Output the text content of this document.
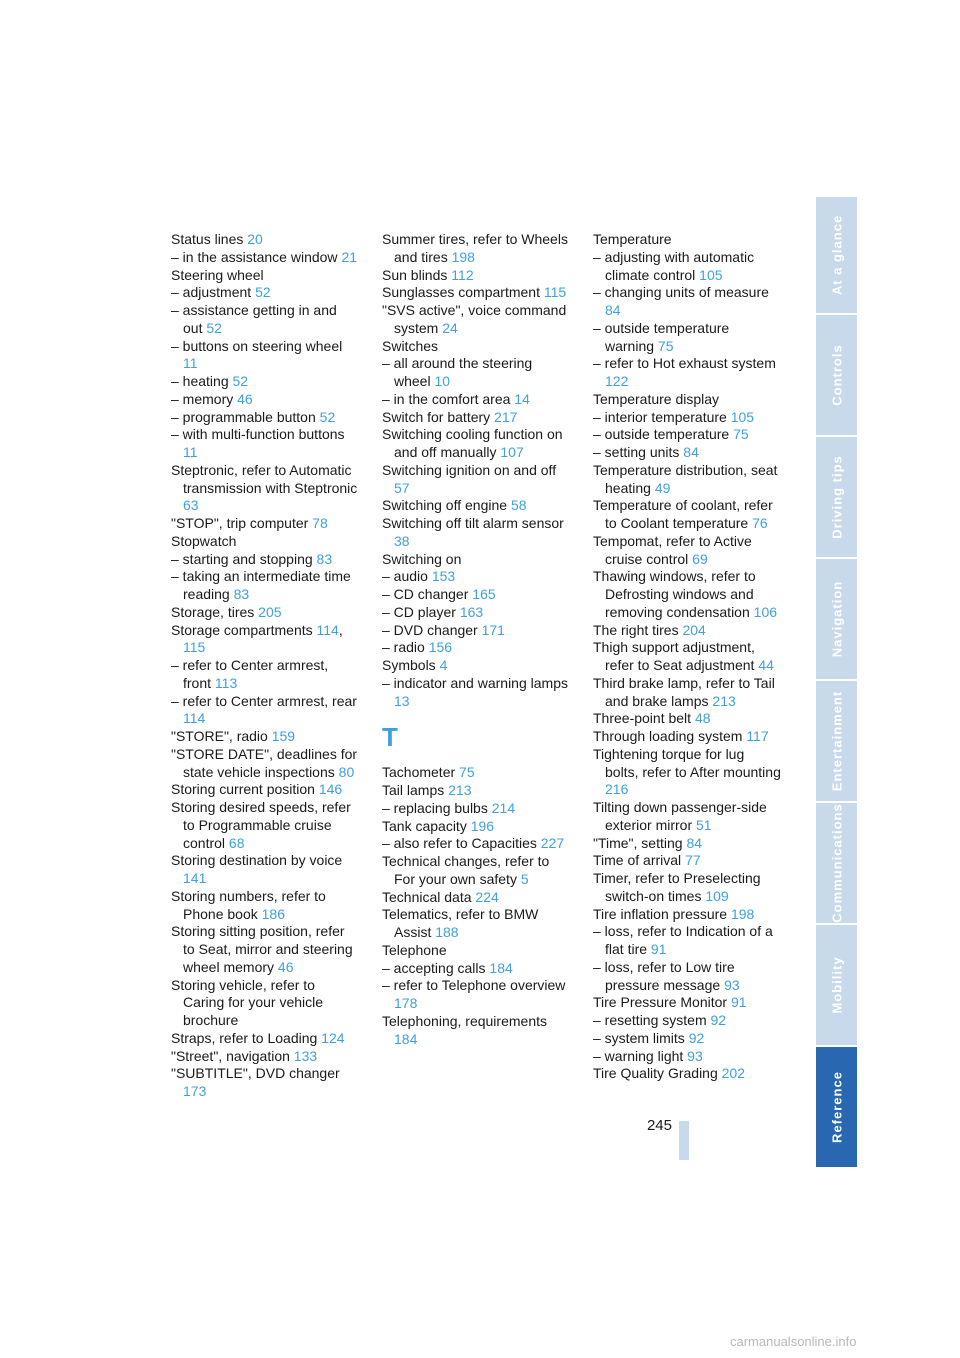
Status lines 20
– in the assistance window 21
Steering wheel
– adjustment 52
– assistance getting in and out 52
– buttons on steering wheel 11
– heating 52
– memory 46
– programmable button 52
– with multi-function buttons 11
Steptronic, refer to Automatic transmission with Steptronic 63
"STOP", trip computer 78
Stopwatch
– starting and stopping 83
– taking an intermediate time reading 83
Storage, tires 205
Storage compartments 114, 115
– refer to Center armrest, front 113
– refer to Center armrest, rear 114
"STORE", radio 159
"STORE DATE", deadlines for state vehicle inspections 80
Storing current position 146
Storing desired speeds, refer to Programmable cruise control 68
Storing destination by voice 141
Storing numbers, refer to Phone book 186
Storing sitting position, refer to Seat, mirror and steering wheel memory 46
Storing vehicle, refer to Caring for your vehicle brochure
Straps, refer to Loading 124
"Street", navigation 133
"SUBTITLE", DVD changer 173
Summer tires, refer to Wheels and tires 198
Sun blinds 112
Sunglasses compartment 115
"SVS active", voice command system 24
Switches
– all around the steering wheel 10
– in the comfort area 14
Switch for battery 217
Switching cooling function on and off manually 107
Switching ignition on and off 57
Switching off engine 58
Switching off tilt alarm sensor 38
Switching on
– audio 153
– CD changer 165
– CD player 163
– DVD changer 171
– radio 156
Symbols 4
– indicator and warning lamps 13
T
Tachometer 75
Tail lamps 213
– replacing bulbs 214
Tank capacity 196
– also refer to Capacities 227
Technical changes, refer to For your own safety 5
Technical data 224
Telematics, refer to BMW Assist 188
Telephone
– accepting calls 184
– refer to Telephone overview 178
Telephoning, requirements 184
Temperature
– adjusting with automatic climate control 105
– changing units of measure 84
– outside temperature warning 75
– refer to Hot exhaust system 122
Temperature display
– interior temperature 105
– outside temperature 75
– setting units 84
Temperature distribution, seat heating 49
Temperature of coolant, refer to Coolant temperature 76
Tempomat, refer to Active cruise control 69
Thawing windows, refer to Defrosting windows and removing condensation 106
The right tires 204
Thigh support adjustment, refer to Seat adjustment 44
Third brake lamp, refer to Tail and brake lamps 213
Three-point belt 48
Through loading system 117
Tightening torque for lug bolts, refer to After mounting 216
Tilting down passenger-side exterior mirror 51
"Time", setting 84
Time of arrival 77
Timer, refer to Preselecting switch-on times 109
Tire inflation pressure 198
– loss, refer to Indication of a flat tire 91
– loss, refer to Low tire pressure message 93
Tire Pressure Monitor 91
– resetting system 92
– system limits 92
– warning light 93
Tire Quality Grading 202
At a glance
Controls
Driving tips
Navigation
Entertainment
Communications
Mobility
Reference
245
carmanualsonline.info
